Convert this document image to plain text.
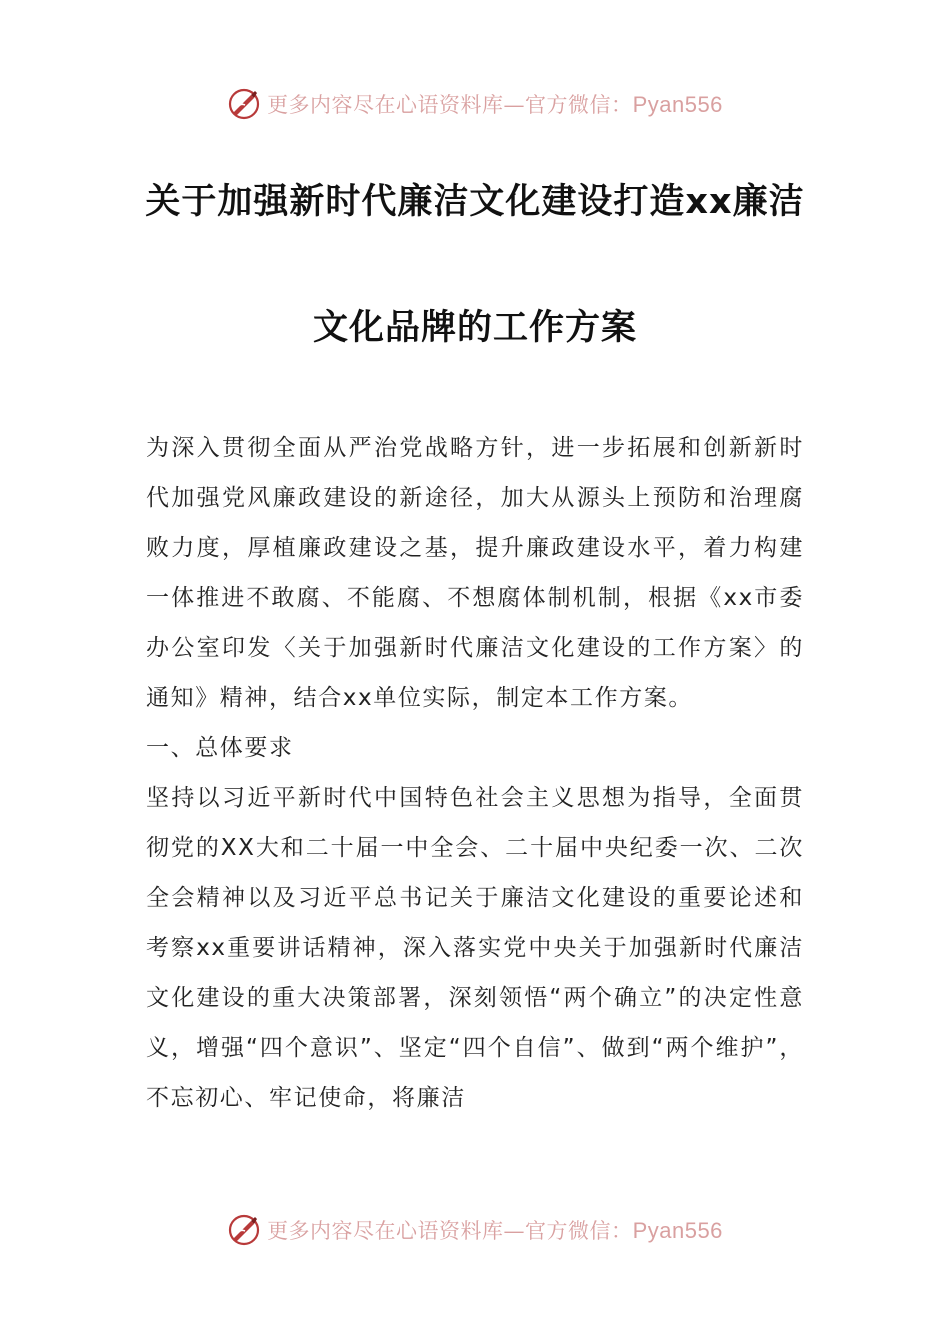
更多内容尽在心语资料库—官方微信：Pyan556
关于加强新时代廉洁文化建设打造xx廉洁
文化品牌的工作方案

为深入贯彻全面从严治党战略方针，进一步拓展和创新新时代加强党风廉政建设的新途径，加大从源头上预防和治理腐败力度，厚植廉政建设之基，提升廉政建设水平，着力构建一体推进不敢腐、不能腐、不想腐体制机制，根据《xx市委办公室印发〈关于加强新时代廉洁文化建设的工作方案〉的通知》精神，结合xx单位实际，制定本工作方案。

一、总体要求

坚持以习近平新时代中国特色社会主义思想为指导，全面贯彻党的XX大和二十届一中全会、二十届中央纪委一次、二次全会精神以及习近平总书记关于廉洁文化建设的重要论述和考察xx重要讲话精神，深入落实党中央关于加强新时代廉洁文化建设的重大决策部署，深刻领悟“两个确立”的决定性意义，增强“四个意识”、坚定“四个自信”、做到“两个维护”，不忘初心、牢记使命，将廉洁

更多内容尽在心语资料库—官方微信：Pyan556
